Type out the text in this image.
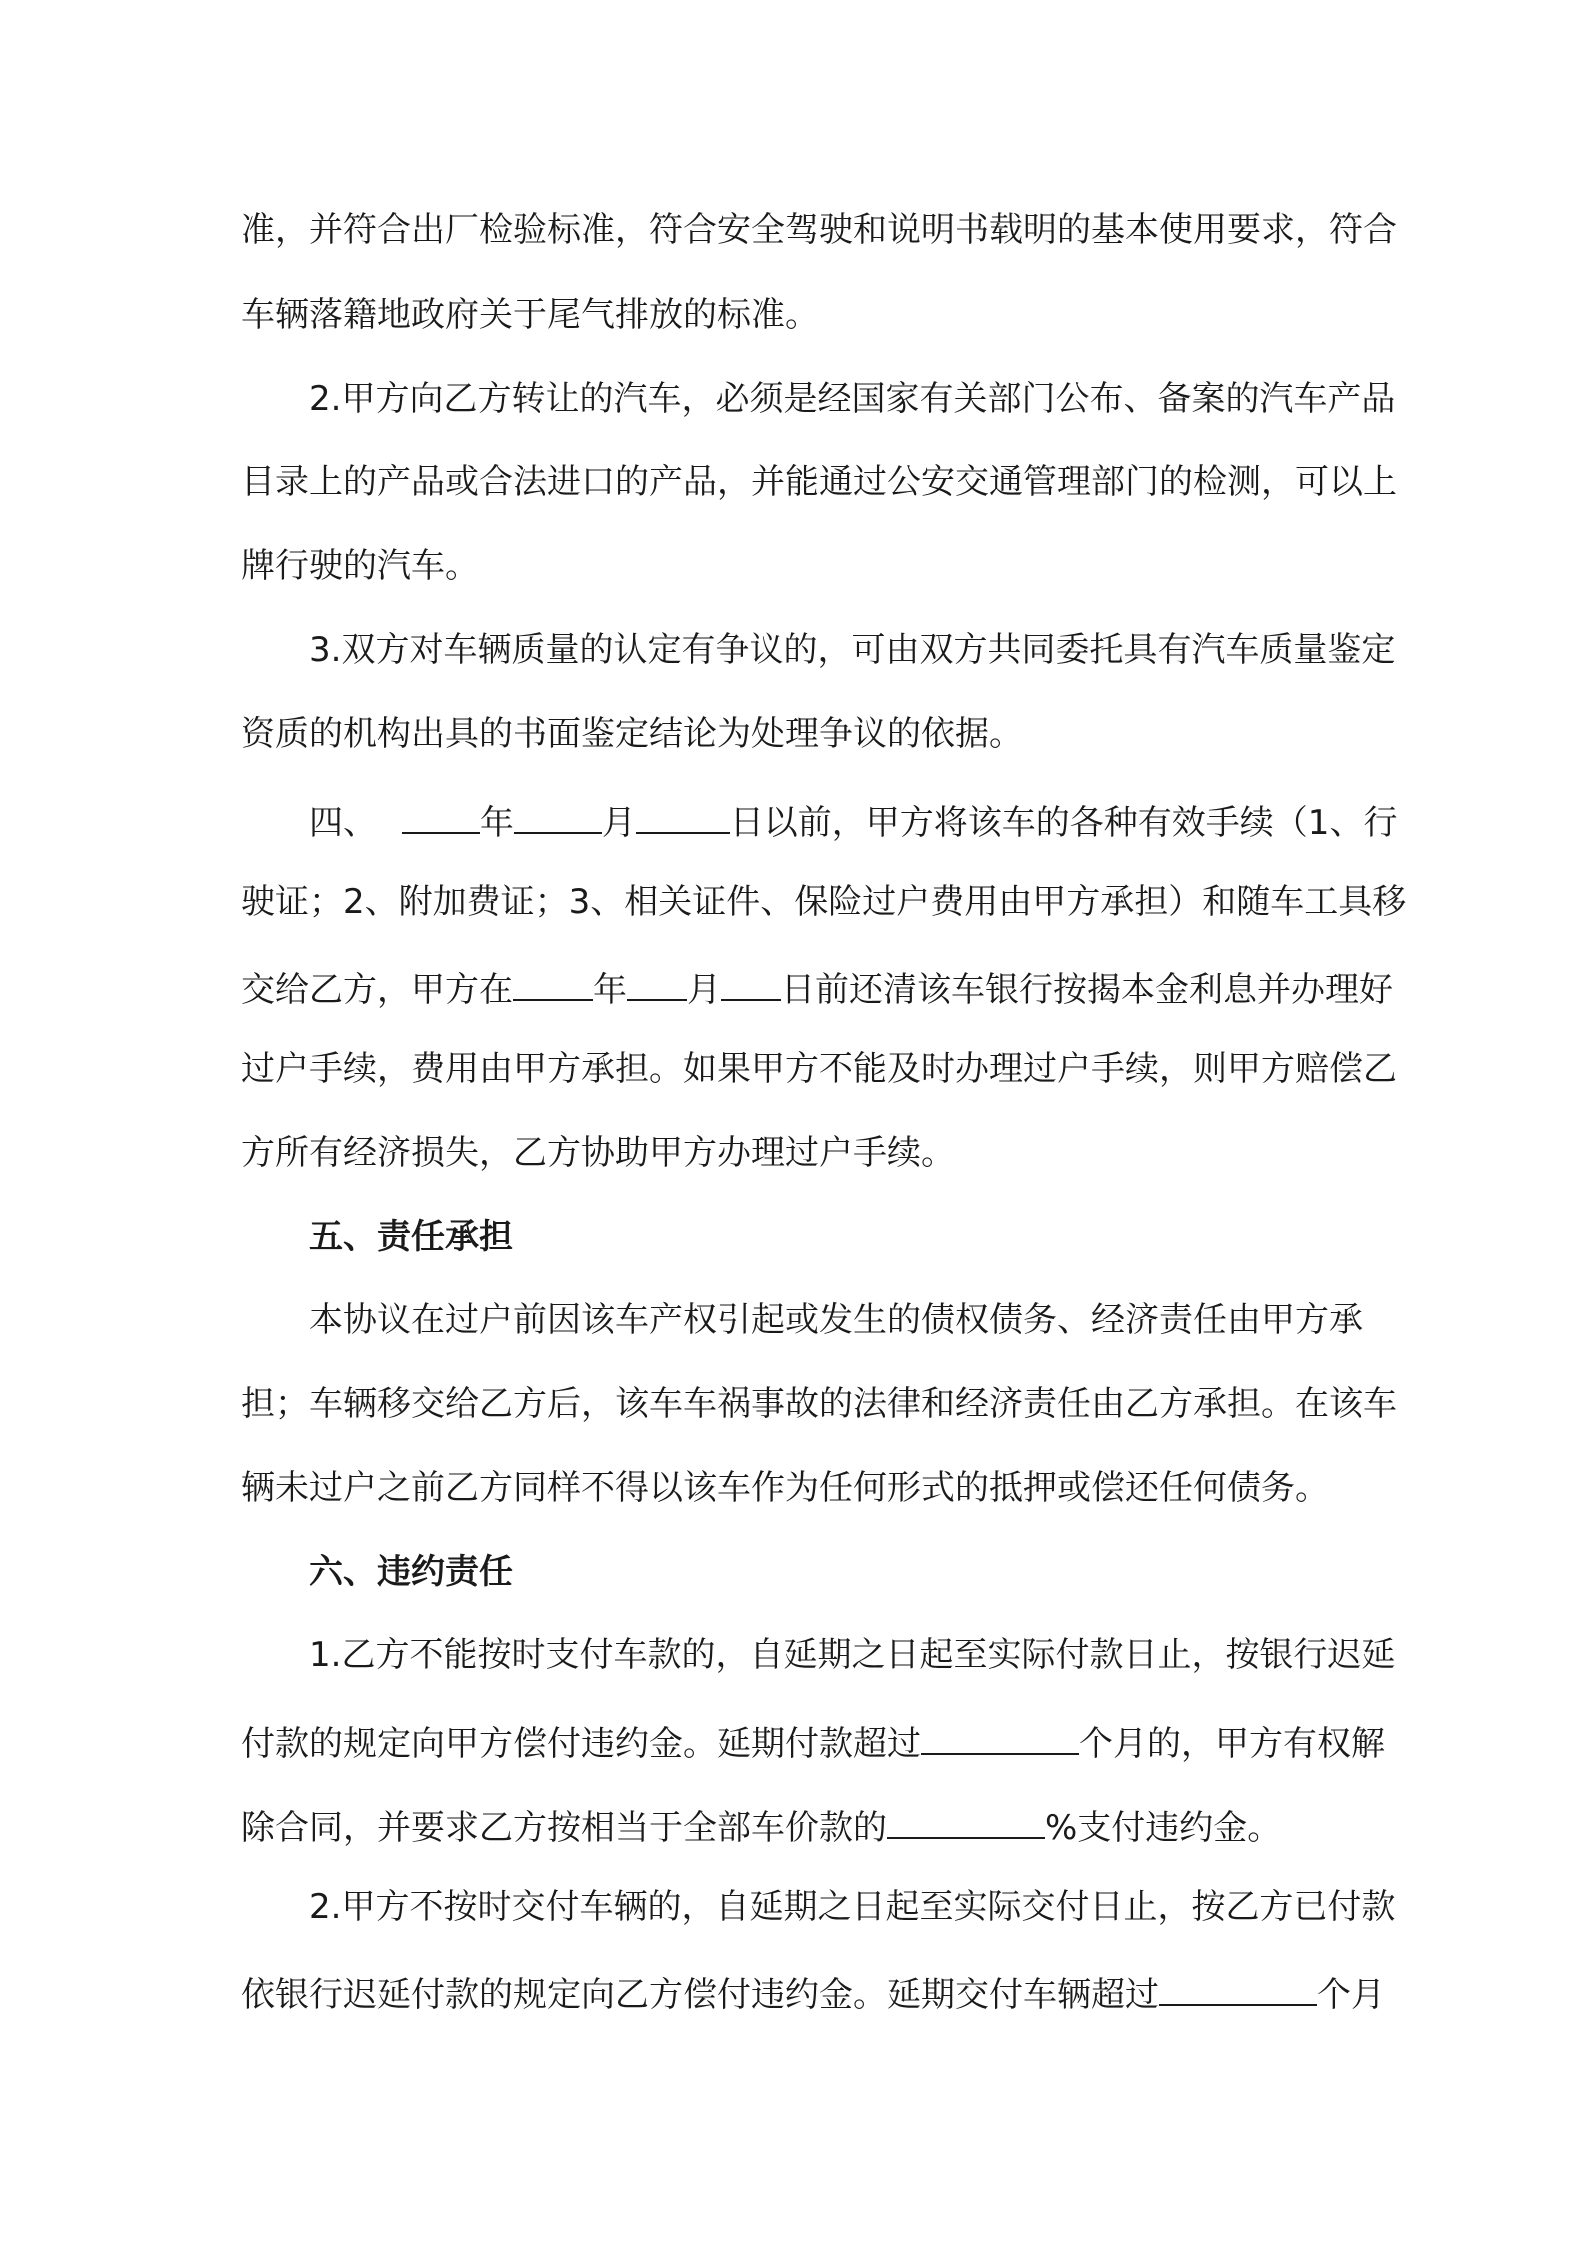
准，并符合出厂检验标准，符合安全驾驶和说明书载明的基本使用要求，符合
车辆落籍地政府关于尾气排放的标准。
2.甲方向乙方转让的汽车，必须是经国家有关部门公布、备案的汽车产品
目录上的产品或合法进口的产品，并能通过公安交通管理部门的检测，可以上
牌行驶的汽车。
3.双方对车辆质量的认定有争议的，可由双方共同委托具有汽车质量鉴定
资质的机构出具的书面鉴定结论为处理争议的依据。
四、	年	月	日以前，甲方将该车的各种有效手续（1、行
驶证；2、附加费证；3、相关证件、保险过户费用由甲方承担）和随车工具移
交给乙方，甲方在 年 月 日前还清该车银行按揭本金利息并办理好
过户手续，费用由甲方承担。如果甲方不能及时办理过户手续，则甲方赔偿乙
方所有经济损失，乙方协助甲方办理过户手续。
五、责任承担
本协议在过户前因该车产权引起或发生的债权债务、经济责任由甲方承
担；车辆移交给乙方后，该车车祸事故的法律和经济责任由乙方承担。在该车
辆未过户之前乙方同样不得以该车作为任何形式的抵押或偿还任何债务。
六、违约责任
1.乙方不能按时支付车款的，自延期之日起至实际付款日止，按银行迟延
付款的规定向甲方偿付违约金。延期付款超过	个月的，甲方有权解
除合同，并要求乙方按相当于全部车价款的	%支付违约金。
2.甲方不按时交付车辆的，自延期之日起至实际交付日止，按乙方已付款
依银行迟延付款的规定向乙方偿付违约金。延期交付车辆超过	个月
